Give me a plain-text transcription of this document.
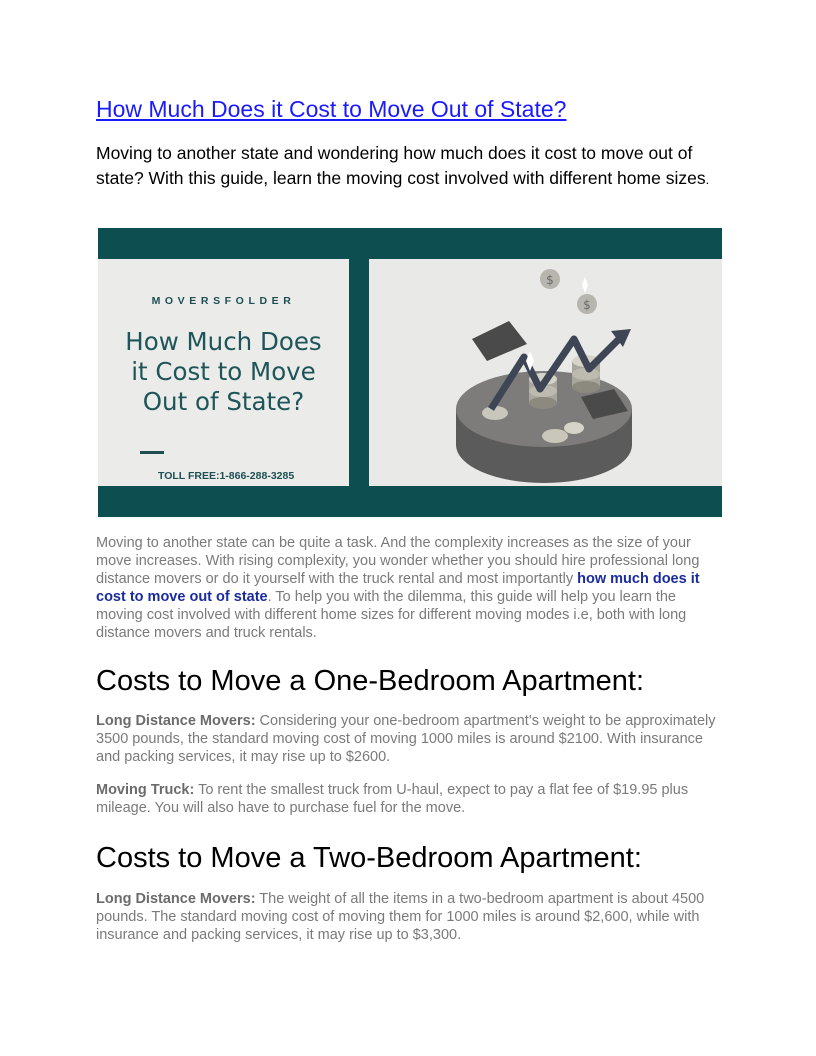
How Much Does it Cost to Move Out of State?
Moving to another state and wondering how much does it cost to move out of state? With this guide, learn the moving cost involved with different home sizes.
MOVERSFOLDER
How Much Does it Cost to Move Out of State?
TOLL FREE:1-866-288-3285
$
$
Moving to another state can be quite a task. And the complexity increases as the size of your move increases. With rising complexity, you wonder whether you should hire professional long distance movers or do it yourself with the truck rental and most importantly how much does it cost to move out of state. To help you with the dilemma, this guide will help you learn the moving cost involved with different home sizes for different moving modes i.e, both with long distance movers and truck rentals.
Costs to Move a One-Bedroom Apartment:

Long Distance Movers: Considering your one-bedroom apartment’s weight to be approximately 3500 pounds, the standard moving cost of moving 1000 miles is around $2100. With insurance and packing services, it may rise up to $2600.

Moving Truck: To rent the smallest truck from U-haul, expect to pay a flat fee of $19.95 plus mileage. You will also have to purchase fuel for the move.

Costs to Move a Two-Bedroom Apartment:

Long Distance Movers: The weight of all the items in a two-bedroom apartment is about 4500 pounds. The standard moving cost of moving them for 1000 miles is around $2,600, while with insurance and packing services, it may rise up to $3,300.
